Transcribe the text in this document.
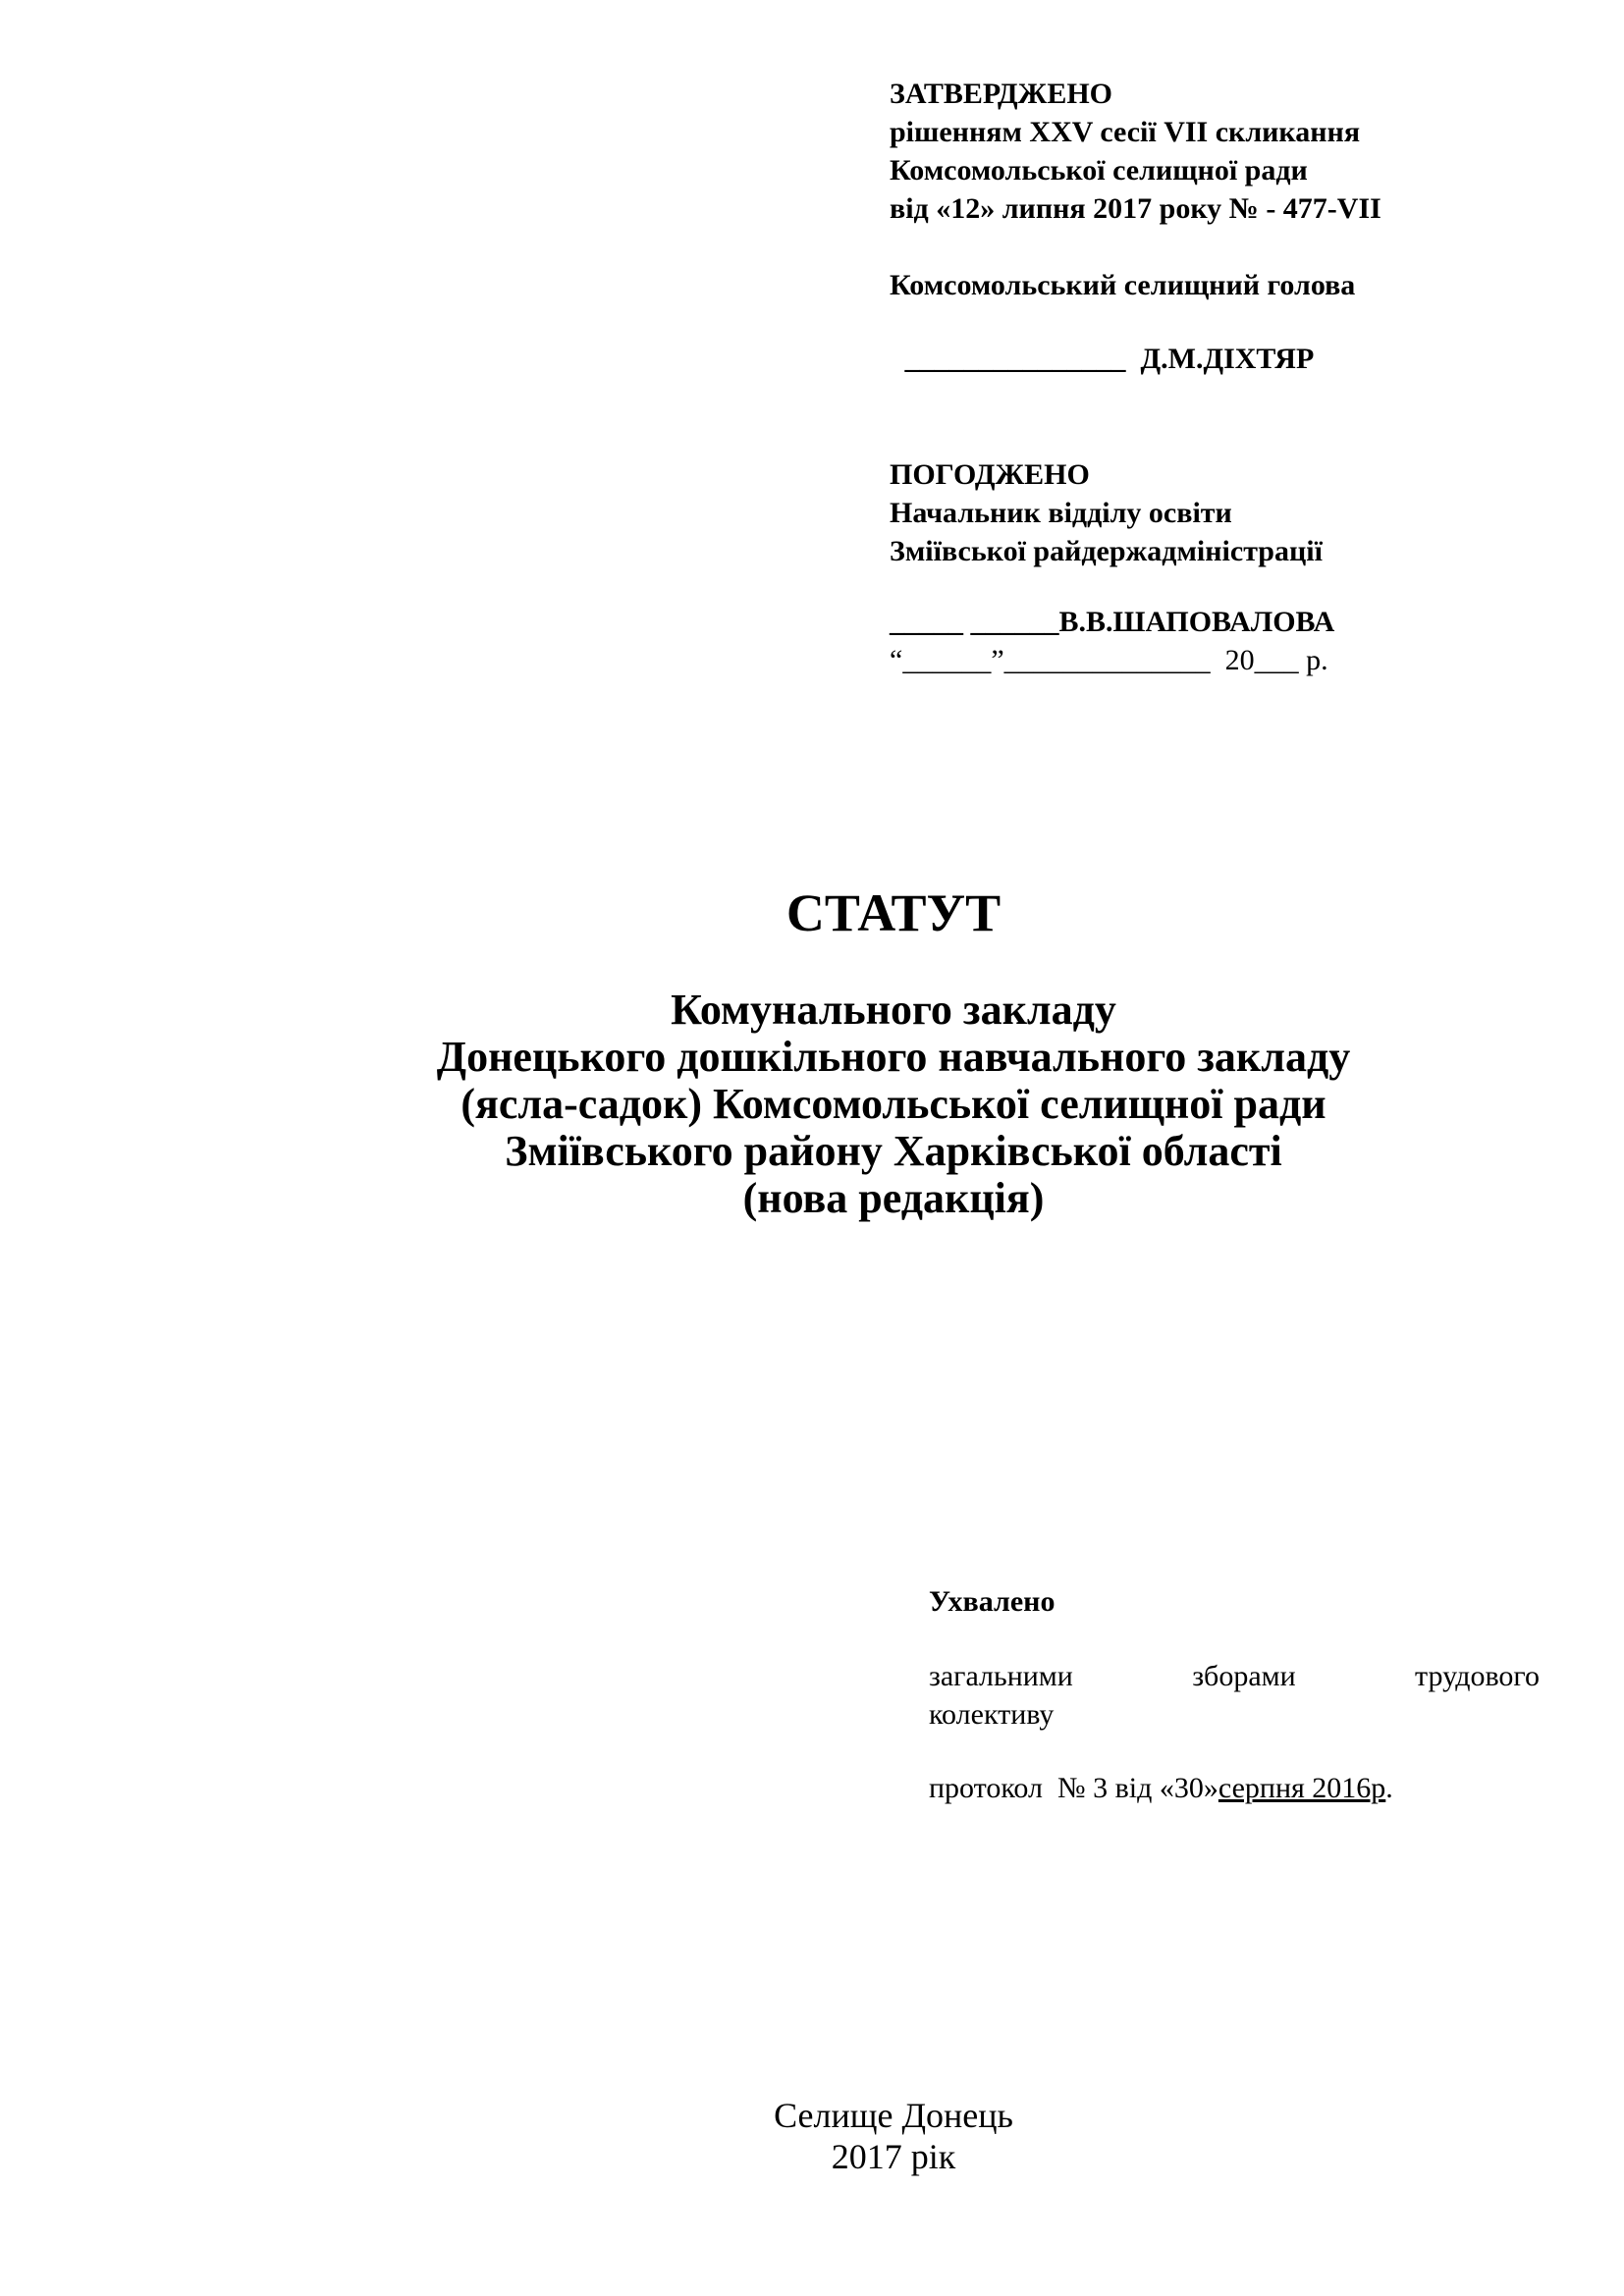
ЗАТВЕРДЖЕНО
рішенням XXV сесії VII скликання
Комсомольської селищної ради
від «12» липня 2017 року № - 477-VII
Комсомольський селищний голова
_______________  Д.М.ДІХТЯР
ПОГОДЖЕНО
Начальник відділу освіти
Зміївської райдержадміністрації
_____ ______В.В.ШАПОВАЛОВА
“______”______________  20___ р.
СТАТУТ
Комунального закладу
Донецького дошкільного навчального закладу
(ясла-садок) Комсомольської селищної ради
Зміївського району Харківської області
(нова редакція)
Ухвалено
загальними	зборами	трудового
колективу
протокол  № 3 від «30»серпня 2016р.
Селище Донець
2017 рік
